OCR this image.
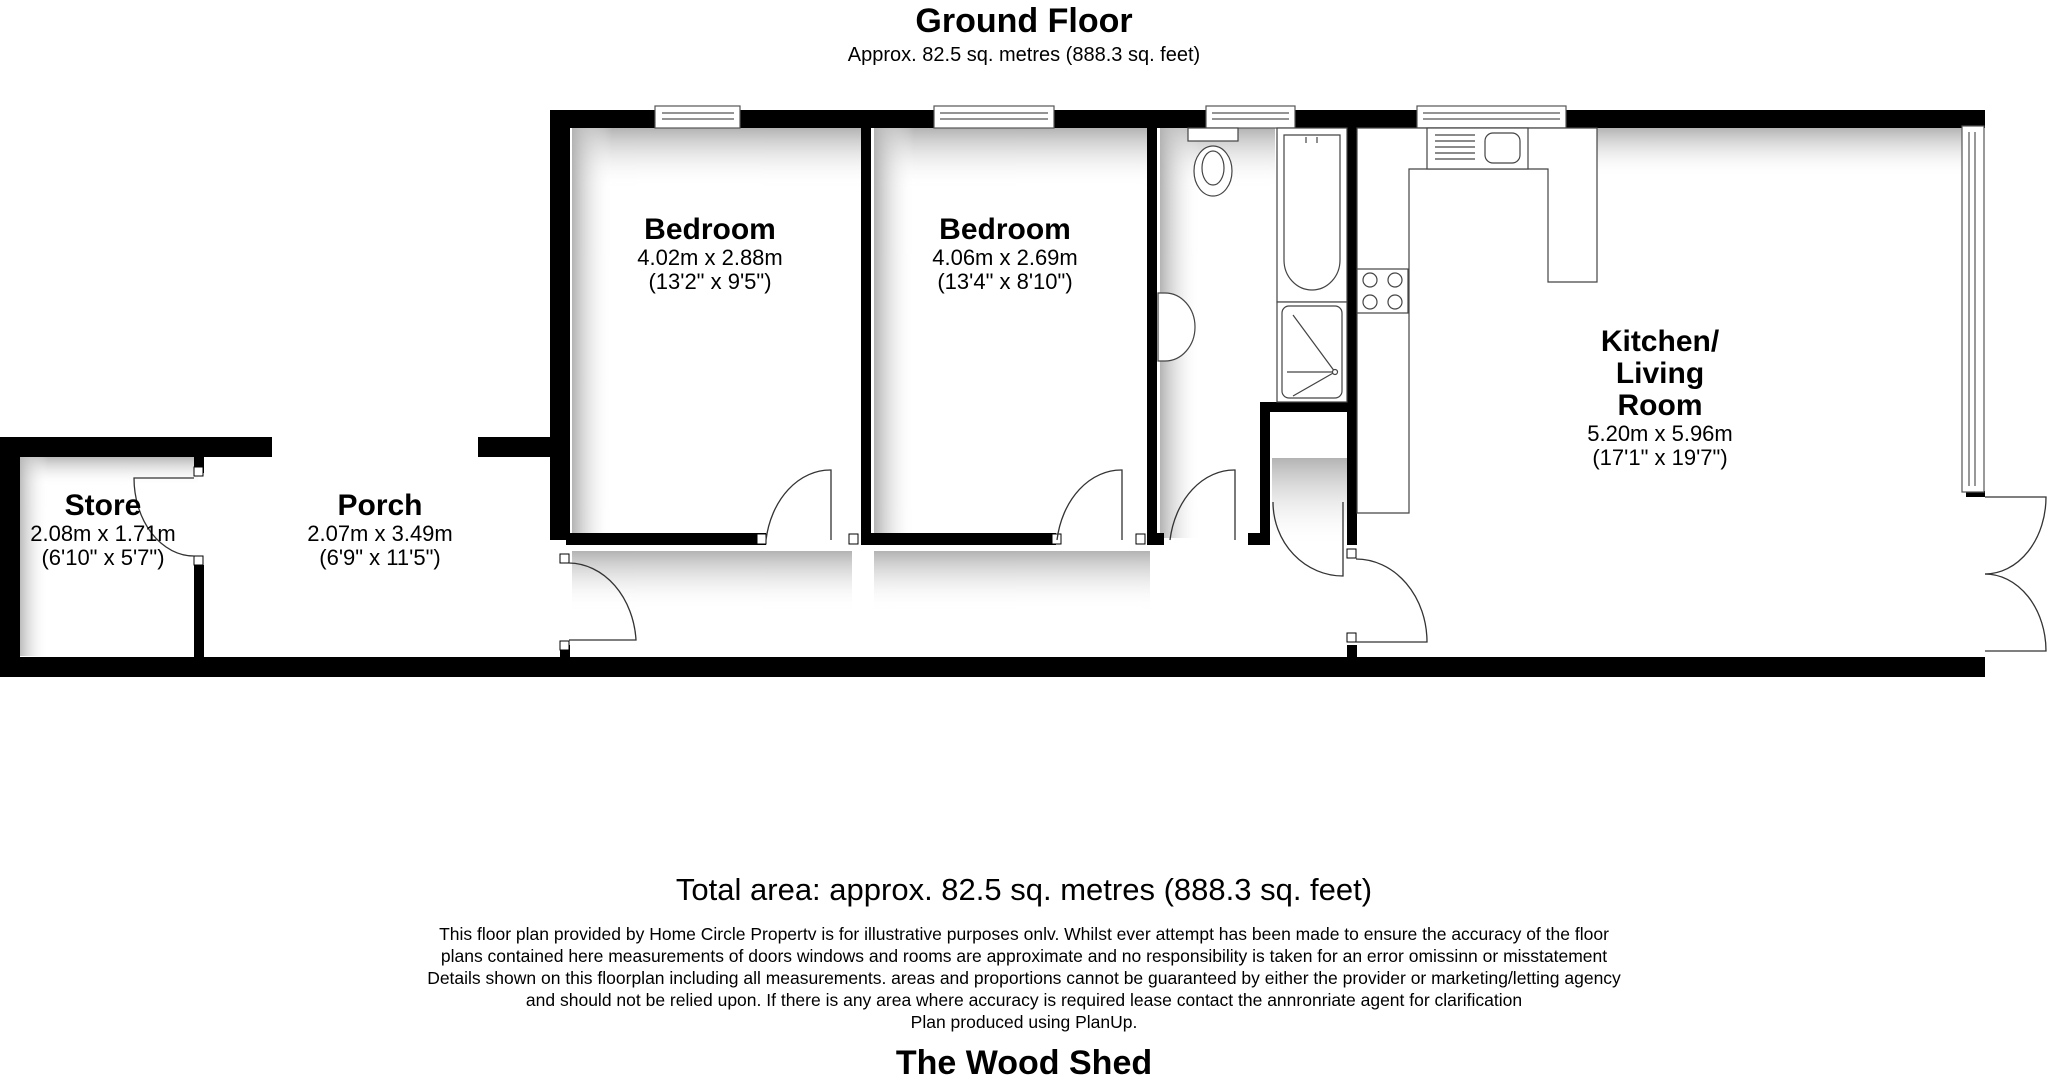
Ground Floor
Approx. 82.5 sq. metres (888.3 sq. feet)
Store
2.08m x 1.71m
(6'10" x 5'7")
Porch
2.07m x 3.49m
(6'9" x 11'5")
Bedroom
4.02m x 2.88m
(13'2" x 9'5")
Bedroom
4.06m x 2.69m
(13'4" x 8'10")
Kitchen/
Living
Room
5.20m x 5.96m
(17'1" x 19'7")
Total area: approx. 82.5 sq. metres (888.3 sq. feet)
This floor plan provided by Home Circle Propertv is for illustrative purposes onlv. Whilst ever attempt has been made to ensure the accuracy of the floor
plans contained here measurements of doors windows and rooms are approximate and no responsibility is taken for an error omissinn or misstatement
Details shown on this floorplan including all measurements. areas and proportions cannot be guaranteed by either the provider or marketing/letting agency
and should not be relied upon. If there is any area where accuracy is required lease contact the annronriate agent for clarification
Plan produced using PlanUp.
The Wood Shed
